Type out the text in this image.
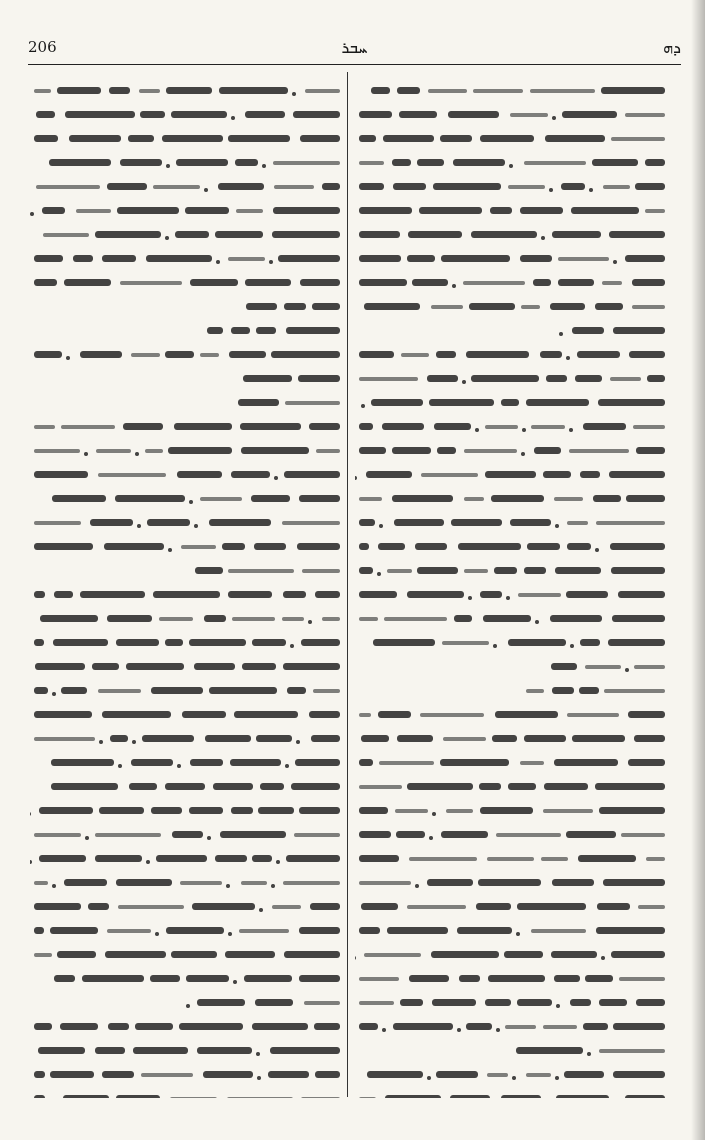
206	ܚܒܪ	ܕܗ
